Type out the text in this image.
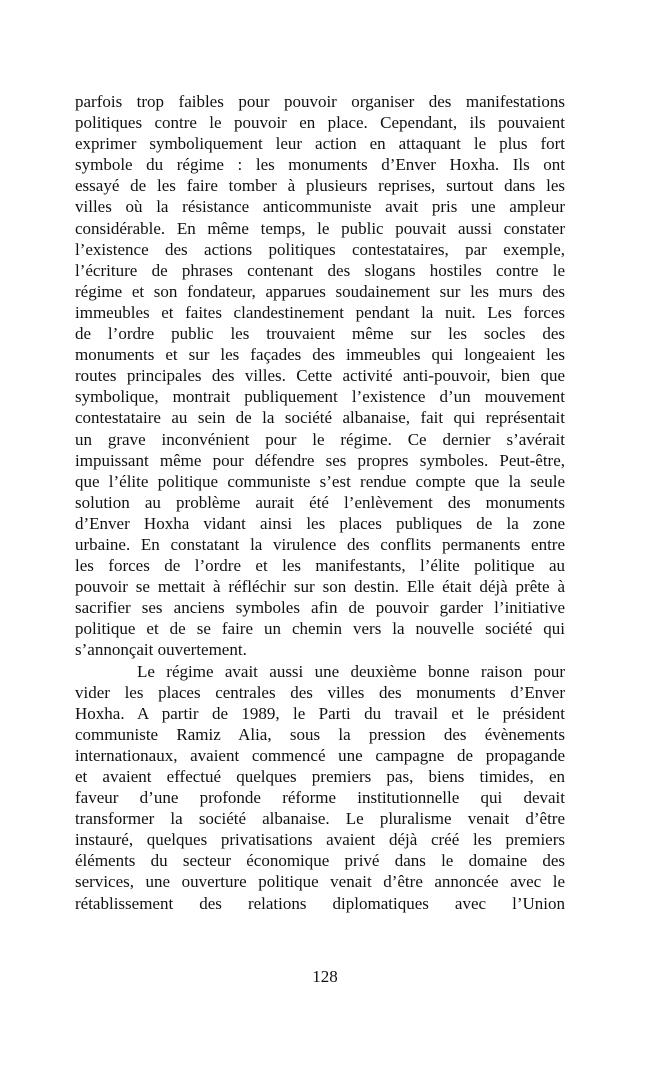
parfois trop faibles pour pouvoir organiser des manifestations
politiques contre le pouvoir en place. Cependant, ils pouvaient
exprimer symboliquement leur action en attaquant le plus fort
symbole du régime : les monuments d’Enver Hoxha. Ils ont
essayé de les faire tomber à plusieurs reprises, surtout dans les
villes où la résistance anticommuniste avait pris une ampleur
considérable. En même temps, le public pouvait aussi constater
l’existence des actions politiques contestataires, par exemple,
l’écriture de phrases contenant des slogans hostiles contre le
régime et son fondateur, apparues soudainement sur les murs des
immeubles et faites clandestinement pendant la nuit. Les forces
de l’ordre public les trouvaient même sur les socles des
monuments et sur les façades des immeubles qui longeaient les
routes principales des villes. Cette activité anti-pouvoir, bien que
symbolique, montrait publiquement l’existence d’un mouvement
contestataire au sein de la société albanaise, fait qui représentait
un grave inconvénient pour le régime. Ce dernier s’avérait
impuissant même pour défendre ses propres symboles. Peut-être,
que l’élite politique communiste s’est rendue compte que la seule
solution au problème aurait été l’enlèvement des monuments
d’Enver Hoxha vidant ainsi les places publiques de la zone
urbaine. En constatant la virulence des conflits permanents entre
les forces de l’ordre et les manifestants, l’élite politique au
pouvoir se mettait à réfléchir sur son destin. Elle était déjà prête à
sacrifier ses anciens symboles afin de pouvoir garder l’initiative
politique et de se faire un chemin vers la nouvelle société qui
s’annonçait ouvertement.
Le régime avait aussi une deuxième bonne raison pour
vider les places centrales des villes des monuments d’Enver
Hoxha. A partir de 1989, le Parti du travail et le président
communiste Ramiz Alia, sous la pression des évènements
internationaux, avaient commencé une campagne de propagande
et avaient effectué quelques premiers pas, biens timides, en
faveur d’une profonde réforme institutionnelle qui devait
transformer la société albanaise. Le pluralisme venait d’être
instauré, quelques privatisations avaient déjà créé les premiers
éléments du secteur économique privé dans le domaine des
services, une ouverture politique venait d’être annoncée avec le
rétablissement des relations diplomatiques avec l’Union
128
